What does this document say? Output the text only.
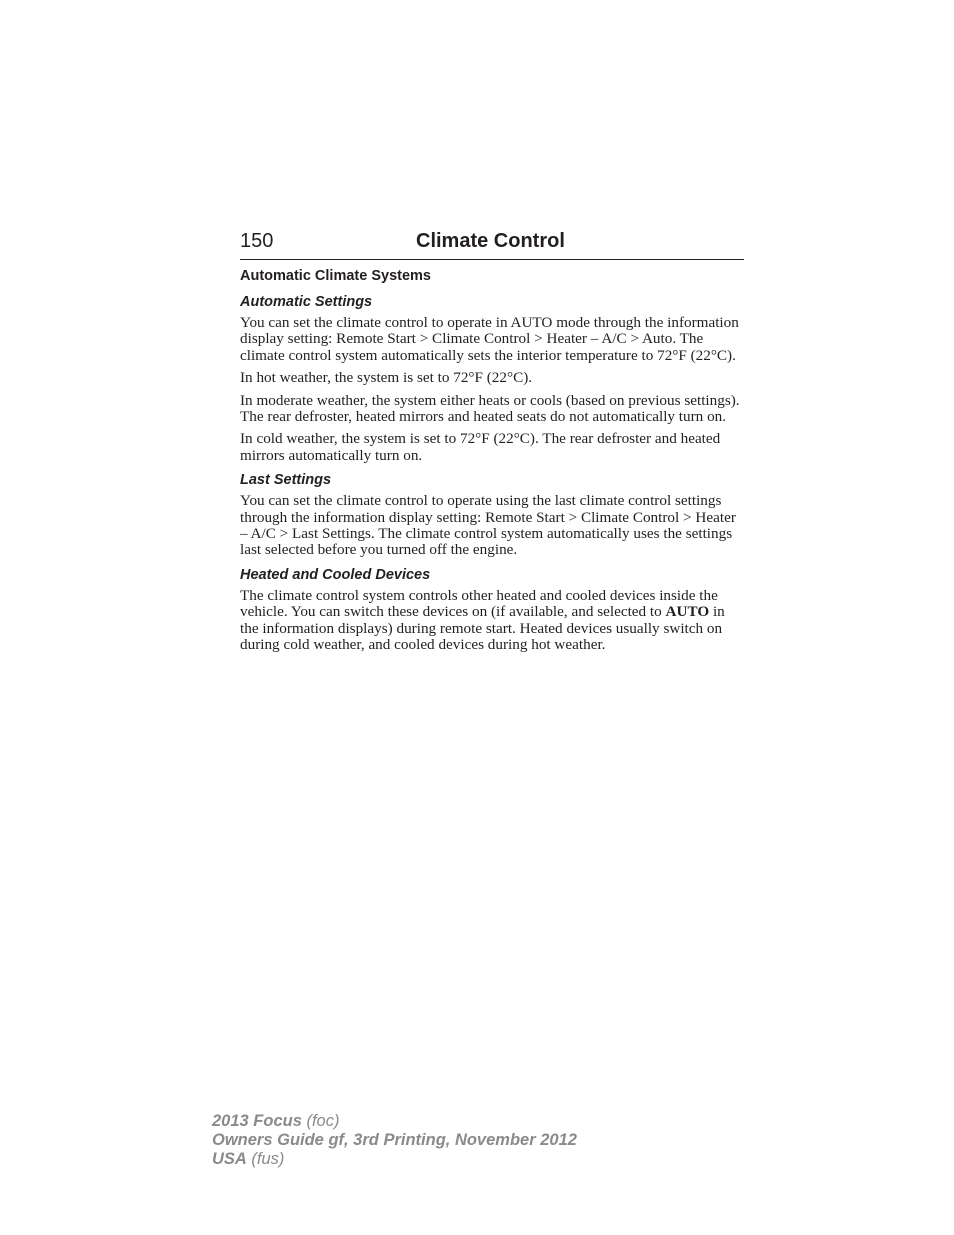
150	Climate Control
Automatic Climate Systems
Automatic Settings

You can set the climate control to operate in AUTO mode through the information display setting: Remote Start > Climate Control > Heater – A/C > Auto. The climate control system automatically sets the interior temperature to 72°F (22°C).

In hot weather, the system is set to 72°F (22°C).

In moderate weather, the system either heats or cools (based on previous settings). The rear defroster, heated mirrors and heated seats do not automatically turn on.

In cold weather, the system is set to 72°F (22°C). The rear defroster and heated mirrors automatically turn on.

Last Settings

You can set the climate control to operate using the last climate control settings through the information display setting: Remote Start > Climate Control > Heater – A/C > Last Settings. The climate control system automatically uses the settings last selected before you turned off the engine.

Heated and Cooled Devices

The climate control system controls other heated and cooled devices inside the vehicle. You can switch these devices on (if available, and selected to AUTO in the information displays) during remote start. Heated devices usually switch on during cold weather, and cooled devices during hot weather.

2013 Focus (foc)
Owners Guide gf, 3rd Printing, November 2012
USA (fus)
